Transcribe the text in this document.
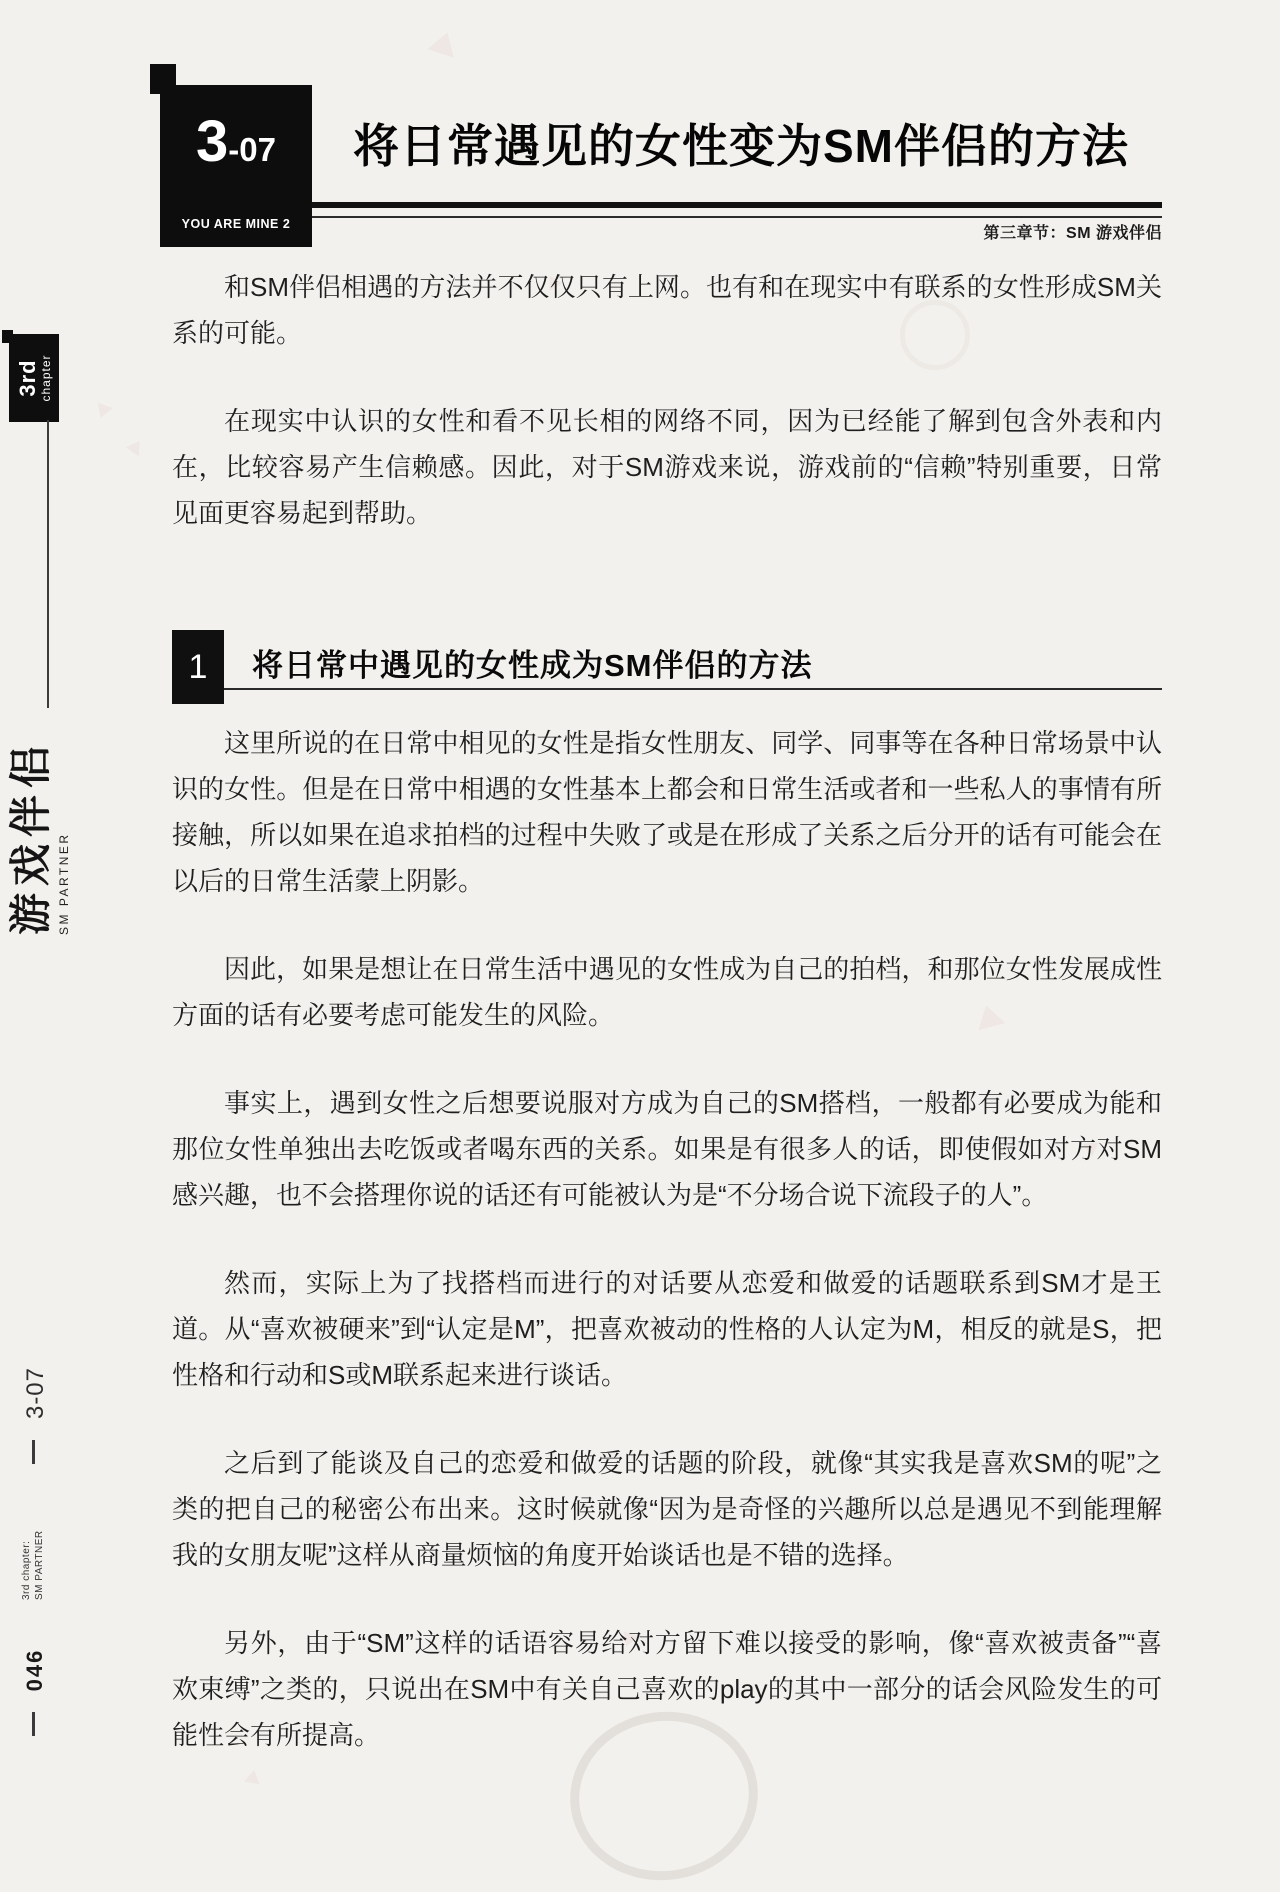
3rd chapter
游戏伴侣 SM PARTNER
3-07
3rd chapter: SM PARTNER
046
3-07
YOU ARE MINE 2
将日常遇见的女性变为SM伴侣的方法
第三章节：SM 游戏伴侣

和SM伴侣相遇的方法并不仅仅只有上网。也有和在现实中有联系的女性形成SM关系的可能。

在现实中认识的女性和看不见长相的网络不同，因为已经能了解到包含外表和内在，比较容易产生信赖感。因此，对于SM游戏来说，游戏前的“信赖”特别重要，日常见面更容易起到帮助。

1 将日常中遇见的女性成为SM伴侣的方法

这里所说的在日常中相见的女性是指女性朋友、同学、同事等在各种日常场景中认识的女性。但是在日常中相遇的女性基本上都会和日常生活或者和一些私人的事情有所接触，所以如果在追求拍档的过程中失败了或是在形成了关系之后分开的话有可能会在以后的日常生活蒙上阴影。

因此，如果是想让在日常生活中遇见的女性成为自己的拍档，和那位女性发展成性方面的话有必要考虑可能发生的风险。

事实上，遇到女性之后想要说服对方成为自己的SM搭档，一般都有必要成为能和那位女性单独出去吃饭或者喝东西的关系。如果是有很多人的话，即使假如对方对SM感兴趣，也不会搭理你说的话还有可能被认为是“不分场合说下流段子的人”。

然而，实际上为了找搭档而进行的对话要从恋爱和做爱的话题联系到SM才是王道。从“喜欢被硬来”到“认定是M”，把喜欢被动的性格的人认定为M，相反的就是S，把性格和行动和S或M联系起来进行谈话。

之后到了能谈及自己的恋爱和做爱的话题的阶段，就像“其实我是喜欢SM的呢”之类的把自己的秘密公布出来。这时候就像“因为是奇怪的兴趣所以总是遇见不到能理解我的女朋友呢”这样从商量烦恼的角度开始谈话也是不错的选择。

另外，由于“SM”这样的话语容易给对方留下难以接受的影响，像“喜欢被责备”“喜欢束缚”之类的，只说出在SM中有关自己喜欢的play的其中一部分的话会风险发生的可能性会有所提高。
